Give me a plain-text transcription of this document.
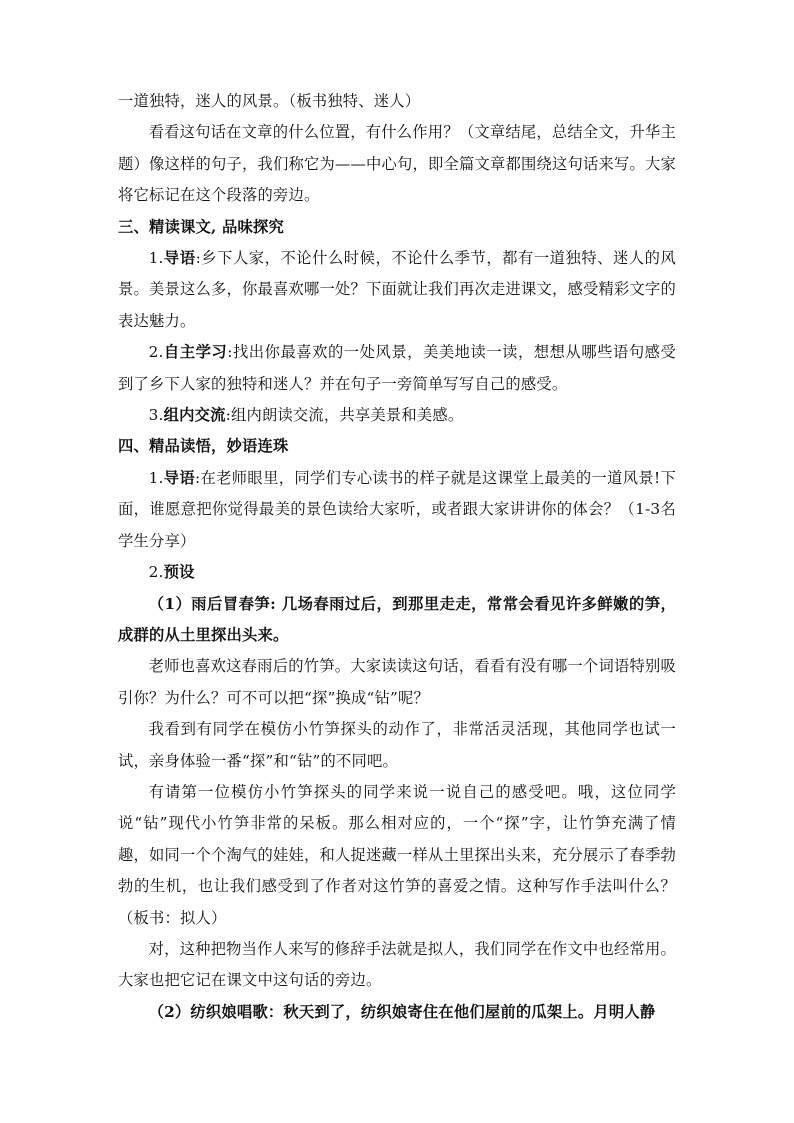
一道独特，迷人的风景。（板书独特、迷人）

看看这句话在文章的什么位置，有什么作用？（文章结尾，总结全文，升华主题）像这样的句子，我们称它为——中心句，即全篇文章都围绕这句话来写。大家将它标记在这个段落的旁边。

三、精读课文, 品味探究

1.导语:乡下人家，不论什么时候，不论什么季节，都有一道独特、迷人的风景。美景这么多，你最喜欢哪一处？下面就让我们再次走进课文，感受精彩文字的表达魅力。

2.自主学习:找出你最喜欢的一处风景，美美地读一读，想想从哪些语句感受到了乡下人家的独特和迷人？并在句子一旁简单写写自己的感受。

3.组内交流:组内朗读交流，共享美景和美感。

四、精品读悟，妙语连珠

1.导语:在老师眼里，同学们专心读书的样子就是这课堂上最美的一道风景!下面，谁愿意把你觉得最美的景色读给大家听，或者跟大家讲讲你的体会？（1-3名学生分享）

2.预设

（1）雨后冒春笋: 几场春雨过后，到那里走走，常常会看见许多鲜嫩的笋，成群的从土里探出头来。

老师也喜欢这春雨后的竹笋。大家读读这句话，看看有没有哪一个词语特别吸引你？为什么？可不可以把“探”换成“钻”呢？

我看到有同学在模仿小竹笋探头的动作了，非常活灵活现，其他同学也试一试，亲身体验一番“探”和“钻”的不同吧。

有请第一位模仿小竹笋探头的同学来说一说自己的感受吧。哦，这位同学说“钻”现代小竹笋非常的呆板。那么相对应的，一个“探”字，让竹笋充满了情趣，如同一个个淘气的娃娃，和人捉迷藏一样从土里探出头来，充分展示了春季勃勃的生机，也让我们感受到了作者对这竹笋的喜爱之情。这种写作手法叫什么？（板书：拟人）

对，这种把物当作人来写的修辞手法就是拟人，我们同学在作文中也经常用。大家也把它记在课文中这句话的旁边。

（2）纺织娘唱歌：秋天到了，纺织娘寄住在他们屋前的瓜架上。月明人静
